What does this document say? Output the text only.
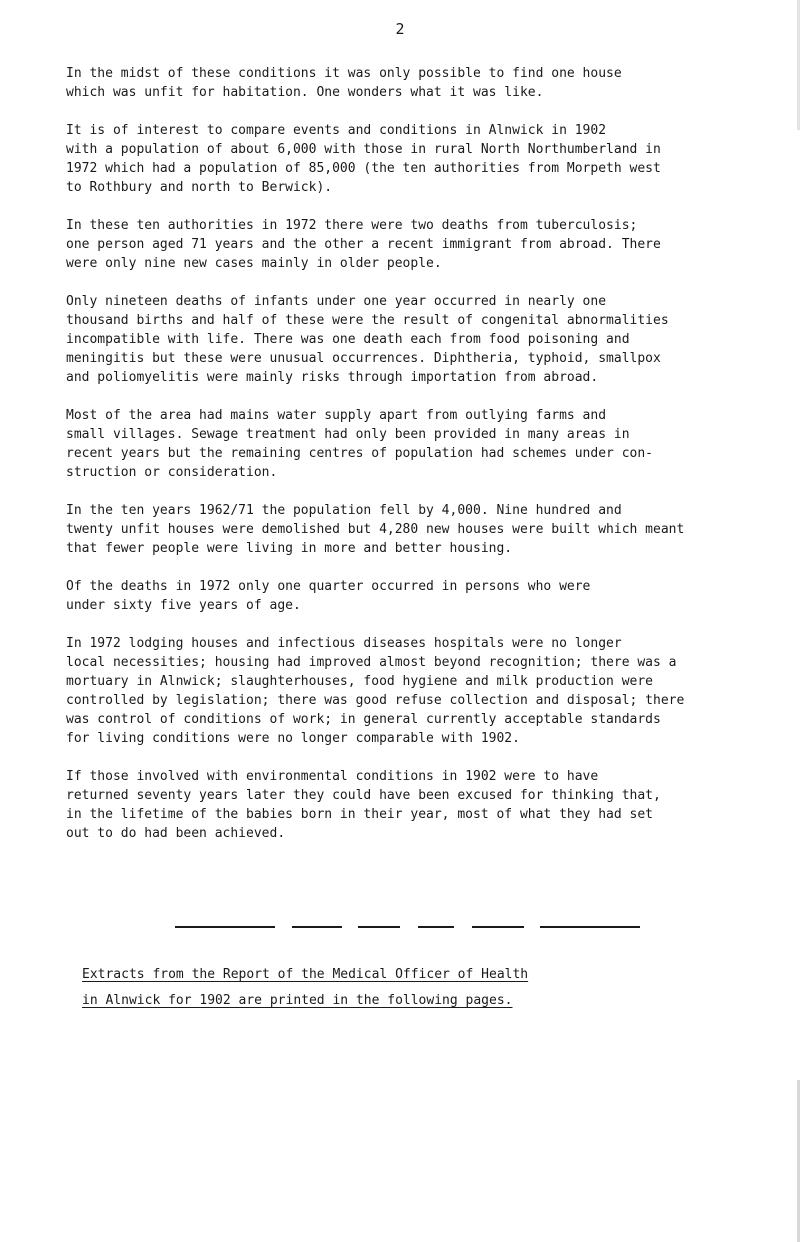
2
In the midst of these conditions it was only possible to find one house
which was unfit for habitation. One wonders what it was like.
It is of interest to compare events and conditions in Alnwick in 1902
with a population of about 6,000 with those in rural North Northumberland in
1972 which had a population of 85,000 (the ten authorities from Morpeth west
to Rothbury and north to Berwick).
In these ten authorities in 1972 there were two deaths from tuberculosis;
one person aged 71 years and the other a recent immigrant from abroad. There
were only nine new cases mainly in older people.
Only nineteen deaths of infants under one year occurred in nearly one
thousand births and half of these were the result of congenital abnormalities
incompatible with life. There was one death each from food poisoning and
meningitis but these were unusual occurrences. Diphtheria, typhoid, smallpox
and poliomyelitis were mainly risks through importation from abroad.
Most of the area had mains water supply apart from outlying farms and
small villages. Sewage treatment had only been provided in many areas in
recent years but the remaining centres of population had schemes under con-
struction or consideration.
In the ten years 1962/71 the population fell by 4,000. Nine hundred and
twenty unfit houses were demolished but 4,280 new houses were built which meant
that fewer people were living in more and better housing.
Of the deaths in 1972 only one quarter occurred in persons who were
under sixty five years of age.
In 1972 lodging houses and infectious diseases hospitals were no longer
local necessities; housing had improved almost beyond recognition; there was a
mortuary in Alnwick; slaughterhouses, food hygiene and milk production were
controlled by legislation; there was good refuse collection and disposal; there
was control of conditions of work; in general currently acceptable standards
for living conditions were no longer comparable with 1902.
If those involved with environmental conditions in 1902 were to have
returned seventy years later they could have been excused for thinking that,
in the lifetime of the babies born in their year, most of what they had set
out to do had been achieved.
Extracts from the Report of the Medical Officer of Health
in Alnwick for 1902 are printed in the following pages.
